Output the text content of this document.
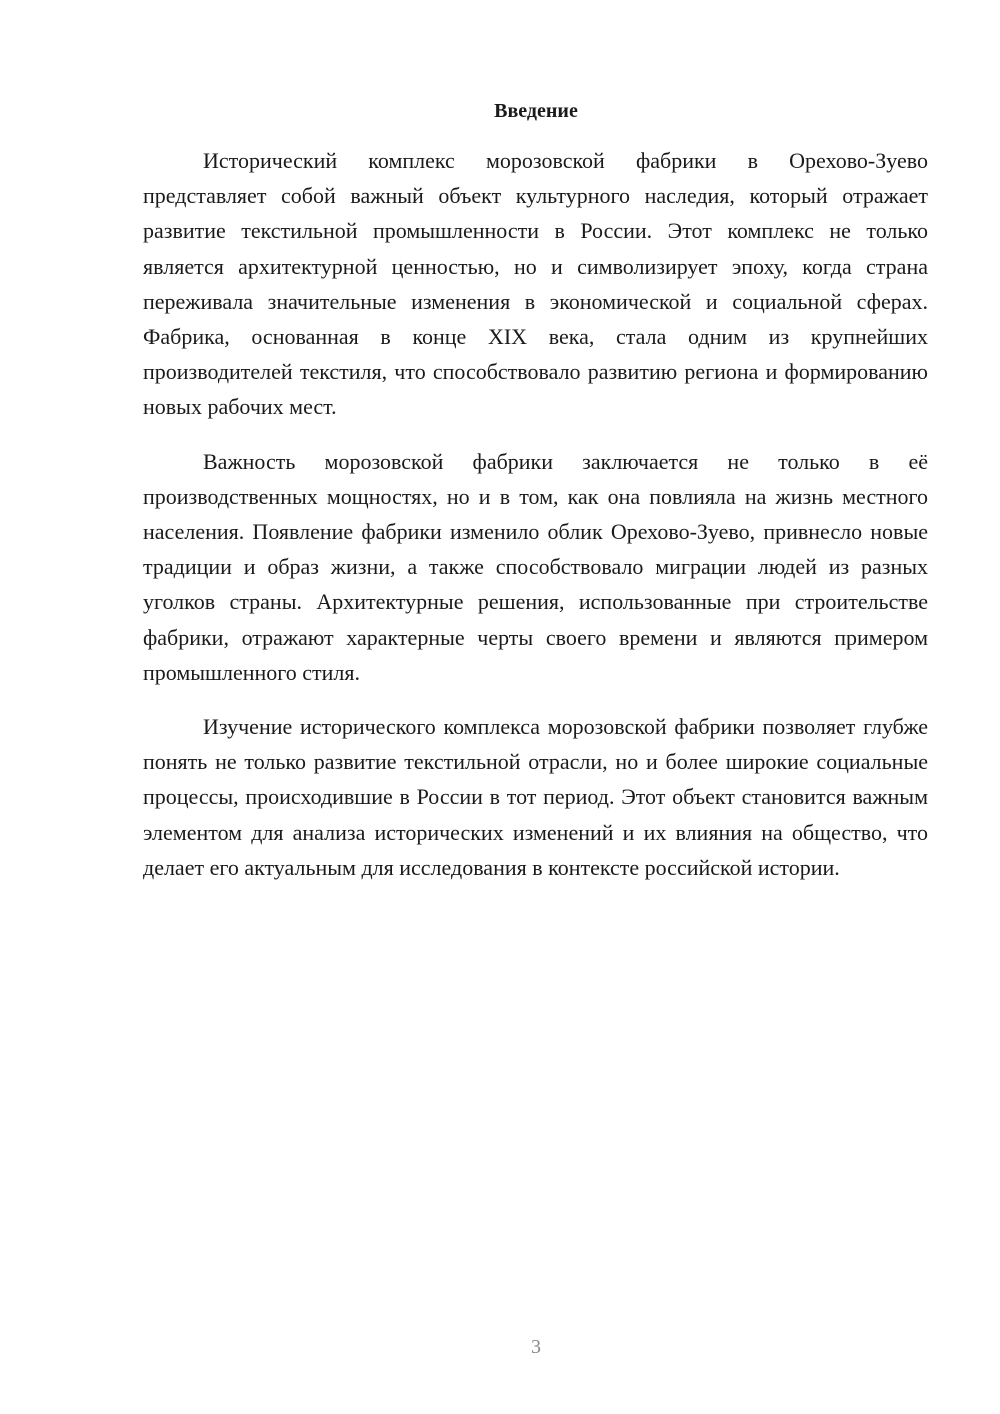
Введение

Исторический комплекс морозовской фабрики в Орехово-Зуево представляет собой важный объект культурного наследия, который отражает развитие текстильной промышленности в России. Этот комплекс не только является архитектурной ценностью, но и символизирует эпоху, когда страна переживала значительные изменения в экономической и социальной сферах. Фабрика, основанная в конце XIX века, стала одним из крупнейших производителей текстиля, что способствовало развитию региона и формированию новых рабочих мест.

Важность морозовской фабрики заключается не только в её производственных мощностях, но и в том, как она повлияла на жизнь местного населения. Появление фабрики изменило облик Орехово-Зуево, привнесло новые традиции и образ жизни, а также способствовало миграции людей из разных уголков страны. Архитектурные решения, использованные при строительстве фабрики, отражают характерные черты своего времени и являются примером промышленного стиля.

Изучение исторического комплекса морозовской фабрики позволяет глубже понять не только развитие текстильной отрасли, но и более широкие социальные процессы, происходившие в России в тот период. Этот объект становится важным элементом для анализа исторических изменений и их влияния на общество, что делает его актуальным для исследования в контексте российской истории.

3
